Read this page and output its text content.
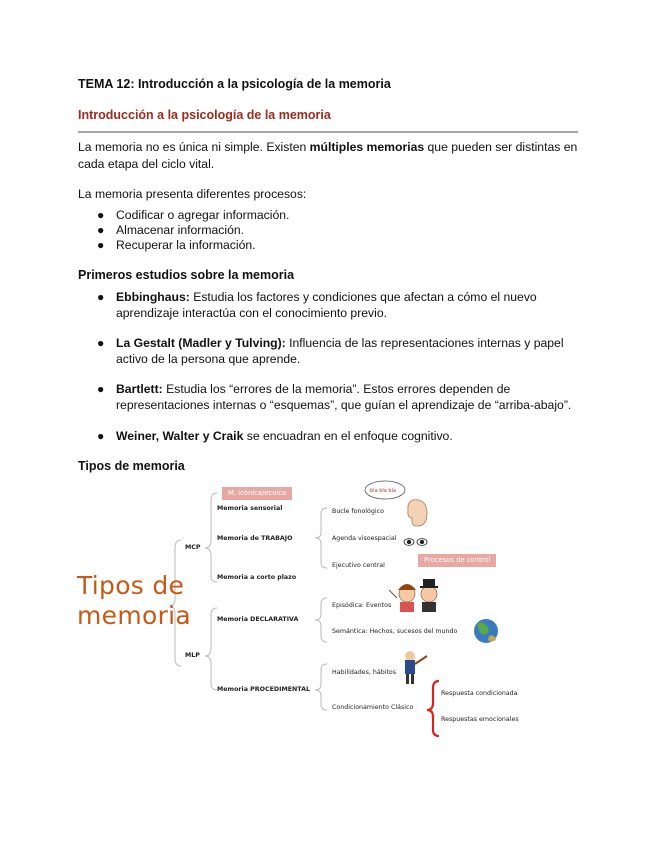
TEMA 12: Introducción a la psicología de la memoria
Introducción a la psicología de la memoria
La memoria no es única ni simple. Existen múltiples memorias que pueden ser distintas en
cada etapa del ciclo vital.
La memoria presenta diferentes procesos:
● Codificar o agregar información.
● Almacenar información.
● Recuperar la información.
Primeros estudios sobre la memoria
● Ebbinghaus: Estudia los factores y condiciones que afectan a cómo el nuevo
aprendizaje interactúa con el conocimiento previo.
● La Gestalt (Madler y Tulving): Influencia de las representaciones internas y papel
activo de la persona que aprende.
● Bartlett: Estudia los “errores de la memoria”. Estos errores dependen de
representaciones internas o “esquemas”, que guían el aprendizaje de “arriba-abajo”.
● Weiner, Walter y Craik se encuadran en el enfoque cognitivo.
Tipos de memoria
bla bla bla
Tipos de
memoria
MCP
MLP
M. icónica/ecoica
Memoria sensorial
Memoria de TRABAJO
Memoria a corto plazo
Memoria DECLARATIVA
Memoria PROCEDIMENTAL
Bucle fonológico
Agenda visoespacial
Ejecutivo central
Procesos de control
Episódica: Eventos
Semántica: Hechos, sucesos del mundo
Habilidades, hábitos
Condicionamiento Clásico
Respuesta condicionada
Respuestas emocionales
